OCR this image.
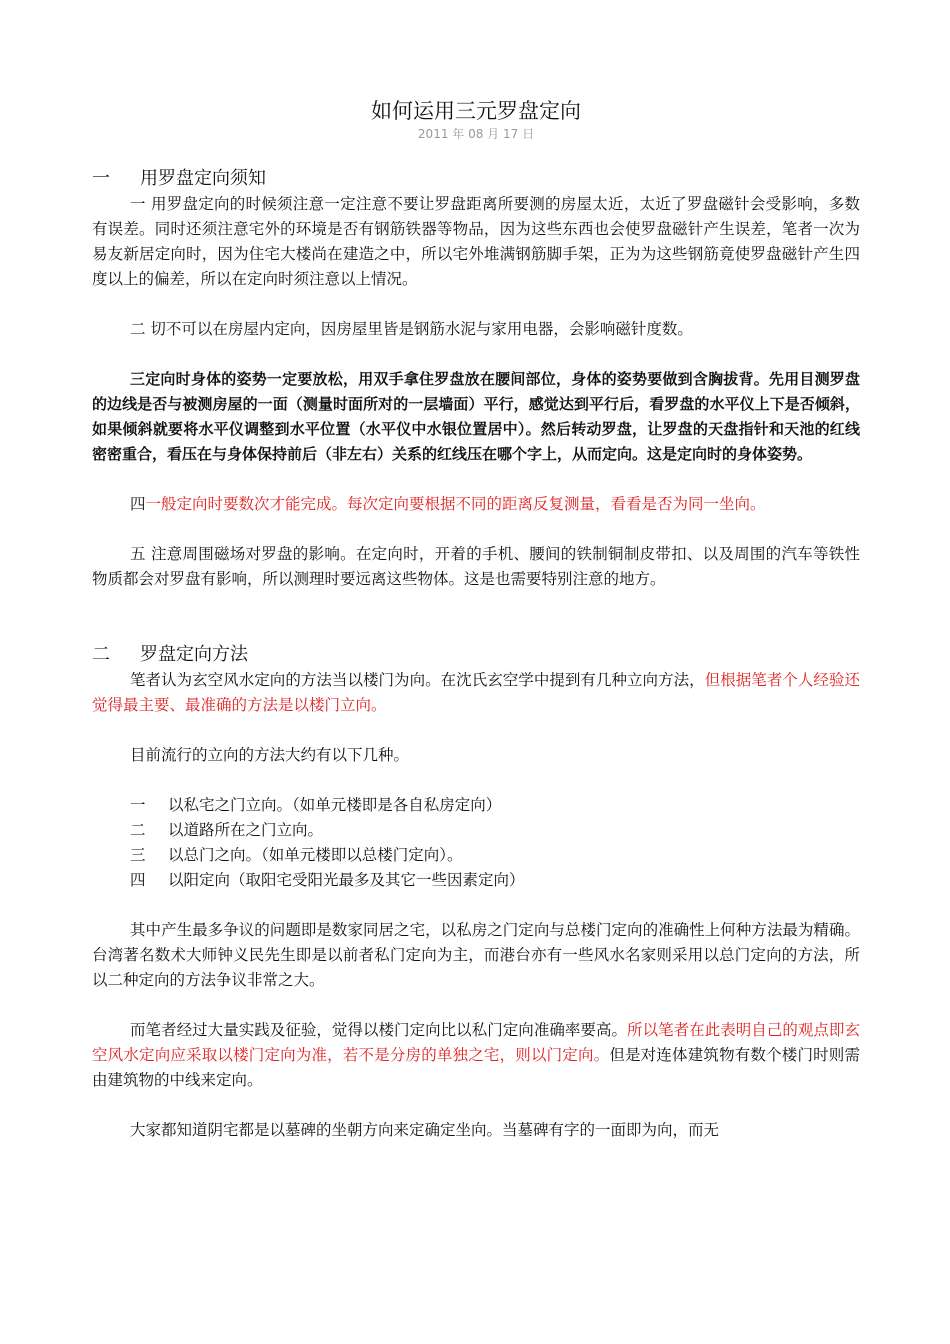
如何运用三元罗盘定向
2011 年 08 月 17 日
一 用罗盘定向须知

一 用罗盘定向的时候须注意一定注意不要让罗盘距离所要测的房屋太近，太近了罗盘磁针会受影响，多数有误差。同时还须注意宅外的环境是否有钢筋铁器等物品，因为这些东西也会使罗盘磁针产生误差，笔者一次为易友新居定向时，因为住宅大楼尚在建造之中，所以宅外堆满钢筋脚手架，正为为这些钢筋竟使罗盘磁针产生四度以上的偏差，所以在定向时须注意以上情况。

二 切不可以在房屋内定向，因房屋里皆是钢筋水泥与家用电器，会影响磁针度数。

三定向时身体的姿势一定要放松，用双手拿住罗盘放在腰间部位，身体的姿势要做到含胸拔背。先用目测罗盘的边线是否与被测房屋的一面（测量时面所对的一层墙面）平行，感觉达到平行后，看罗盘的水平仪上下是否倾斜，如果倾斜就要将水平仪调整到水平位置（水平仪中水银位置居中）。然后转动罗盘，让罗盘的天盘指针和天池的红线密密重合，看压在与身体保持前后（非左右）关系的红线压在哪个字上，从而定向。这是定向时的身体姿势。

四一般定向时要数次才能完成。每次定向要根据不同的距离反复测量，看看是否为同一坐向。

五 注意周围磁场对罗盘的影响。在定向时，开着的手机、腰间的铁制铜制皮带扣、以及周围的汽车等铁性物质都会对罗盘有影响，所以测理时要远离这些物体。这是也需要特别注意的地方。

二 罗盘定向方法

笔者认为玄空风水定向的方法当以楼门为向。在沈氏玄空学中提到有几种立向方法，但根据笔者个人经验还觉得最主要、最准确的方法是以楼门立向。

目前流行的立向的方法大约有以下几种。

一 以私宅之门立向。（如单元楼即是各自私房定向）
二 以道路所在之门立向。
三 以总门之向。（如单元楼即以总楼门定向）。
四 以阳定向（取阳宅受阳光最多及其它一些因素定向）

其中产生最多争议的问题即是数家同居之宅，以私房之门定向与总楼门定向的准确性上何种方法最为精确。台湾著名数术大师钟义民先生即是以前者私门定向为主，而港台亦有一些风水名家则采用以总门定向的方法，所以二种定向的方法争议非常之大。

而笔者经过大量实践及征验，觉得以楼门定向比以私门定向准确率要高。所以笔者在此表明自己的观点即玄空风水定向应采取以楼门定向为准，若不是分房的单独之宅，则以门定向。但是对连体建筑物有数个楼门时则需由建筑物的中线来定向。

大家都知道阴宅都是以墓碑的坐朝方向来定确定坐向。当墓碑有字的一面即为向，而无
